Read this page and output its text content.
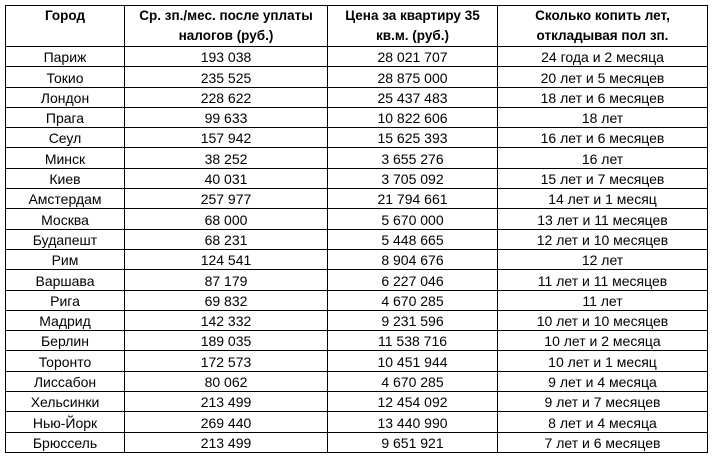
Город	Ср. зп./мес. после уплаты налогов (руб.)	Цена за квартиру 35 кв.м. (руб.)	Сколько копить лет, откладывая пол зп.
Париж	193 038	28 021 707	24 года и 2 месяца
Токио	235 525	28 875 000	20 лет и 5 месяцев
Лондон	228 622	25 437 483	18 лет и 6 месяцев
Прага	99 633	10 822 606	18 лет
Сеул	157 942	15 625 393	16 лет и 6 месяцев
Минск	38 252	3 655 276	16 лет
Киев	40 031	3 705 092	15 лет и 7 месяцев
Амстердам	257 977	21 794 661	14 лет и 1 месяц
Москва	68 000	5 670 000	13 лет и 11 месяцев
Будапешт	68 231	5 448 665	12 лет и 10 месяцев
Рим	124 541	8 904 676	12 лет
Варшава	87 179	6 227 046	11 лет и 11 месяцев
Рига	69 832	4 670 285	11 лет
Мадрид	142 332	9 231 596	10 лет и 10 месяцев
Берлин	189 035	11 538 716	10 лет и 2 месяца
Торонто	172 573	10 451 944	10 лет и 1 месяц
Лиссабон	80 062	4 670 285	9 лет и 4 месяца
Хельсинки	213 499	12 454 092	9 лет и 7 месяцев
Нью-Йорк	269 440	13 440 990	8 лет и 4 месяца
Брюссель	213 499	9 651 921	7 лет и 6 месяцев
